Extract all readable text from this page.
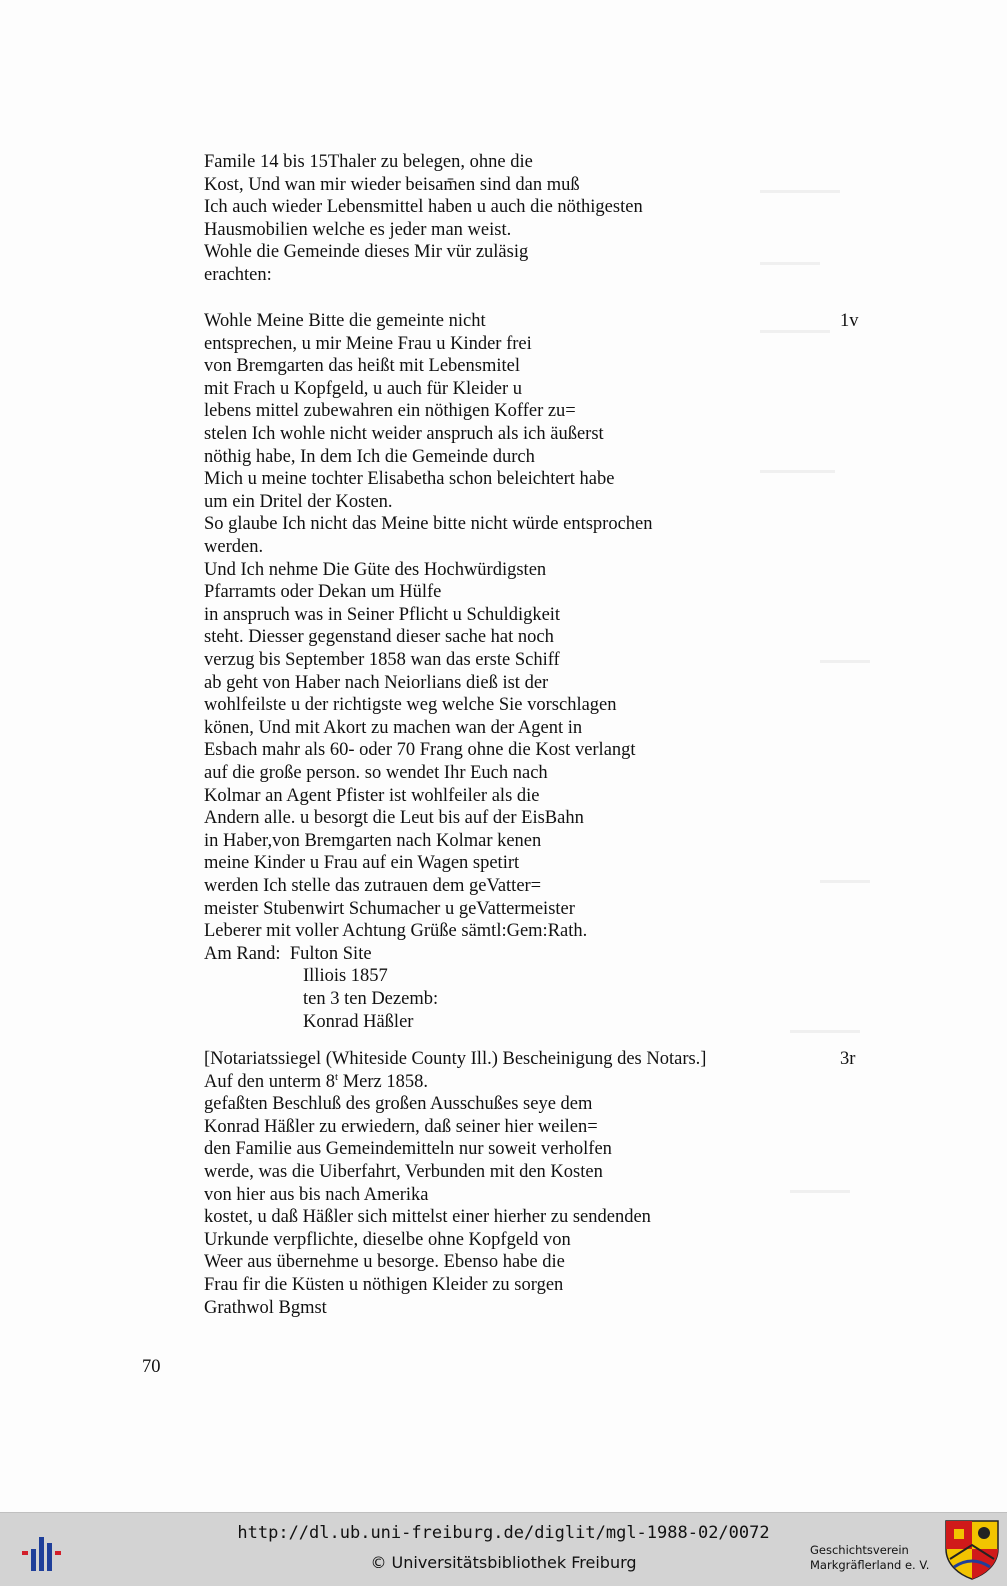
Famile 14 bis 15Thaler zu belegen, ohne die
Kost, Und wan mir wieder beisam̄en sind dan muß
Ich auch wieder Lebensmittel haben u auch die nöthigesten
Hausmobilien welche es jeder man weist.
Wohle die Gemeinde dieses Mir vür zuläsig
erachten:
1v
Wohle Meine Bitte die gemeinte nicht
entsprechen, u mir Meine Frau u Kinder frei
von Bremgarten das heißt mit Lebensmitel
mit Frach u Kopfgeld, u auch für Kleider u
lebens mittel zubewahren ein nöthigen Koffer zu=
stelen Ich wohle nicht weider anspruch als ich äußerst
nöthig habe, In dem Ich die Gemeinde durch
Mich u meine tochter Elisabetha schon beleichtert habe
um ein Dritel der Kosten.
So glaube Ich nicht das Meine bitte nicht würde entsprochen
werden.
Und Ich nehme Die Güte des Hochwürdigsten
Pfarramts oder Dekan um Hülfe
in anspruch was in Seiner Pflicht u Schuldigkeit
steht. Diesser gegenstand dieser sache hat noch
verzug bis September 1858 wan das erste Schiff
ab geht von Haber nach Neiorlians dieß ist der
wohlfeilste u der richtigste weg welche Sie vorschlagen
könen, Und mit Akort zu machen wan der Agent in
Esbach mahr als 60- oder 70 Frang ohne die Kost verlangt
auf die große person. so wendet Ihr Euch nach
Kolmar an Agent Pfister ist wohlfeiler als die
Andern alle. u besorgt die Leut bis auf der EisBahn
in Haber,von Bremgarten nach Kolmar kenen
meine Kinder u Frau auf ein Wagen spetirt
werden Ich stelle das zutrauen dem geVatter=
meister Stubenwirt Schumacher u geVattermeister
Leberer mit voller Achtung Grüße sämtl:Gem:Rath.
Am Rand:  Fulton Site
Illiois 1857
ten 3 ten Dezemb:
Konrad Häßler
3r
[Notariatssiegel (Whiteside County Ill.) Bescheinigung des Notars.]
Auf den unterm 8$^t$ Merz 1858.
gefaßten Beschluß des großen Ausschußes seye dem
Konrad Häßler zu erwiedern, daß seiner hier weilen=
den Familie aus Gemeindemitteln nur soweit verholfen
werde, was die Uiberfahrt, Verbunden mit den Kosten
von hier aus bis nach Amerika
kostet, u daß Häßler sich mittelst einer hierher zu sendenden
Urkunde verpflichte, dieselbe ohne Kopfgeld von
Weer aus übernehme u besorge. Ebenso habe die
Frau fir die Küsten u nöthigen Kleider zu sorgen
Grathwol Bgmst
70
http://dl.ub.uni-freiburg.de/diglit/mgl-1988-02/0072
© Universitätsbibliothek Freiburg
Geschichtsverein
Markgräflerland e. V.
